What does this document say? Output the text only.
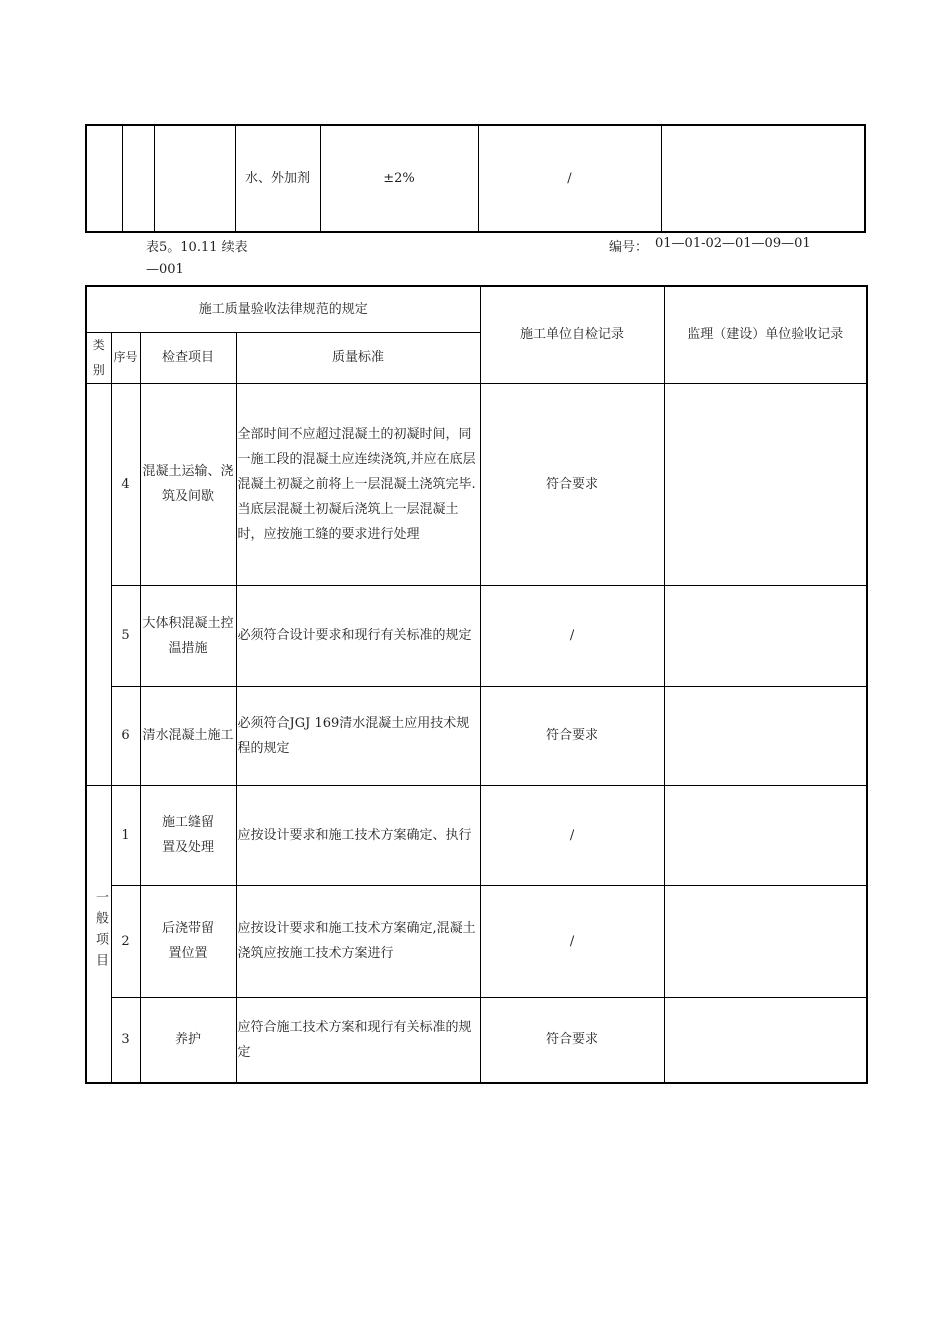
			水、外加剂	±2%	/	
表5。10.11 续表	编号： 01—01-02—01—09—01
—001
施工质量验收法律规范的规定				施工单位自检记录	监理（建设）单位验收记录
类别	序号	检查项目	质量标准		
	4	混凝土运输、浇筑及间歇	全部时间不应超过混凝土的初凝时间，同一施工段的混凝土应连续浇筑,并应在底层混凝土初凝之前将上一层混凝土浇筑完毕.当底层混凝土初凝后浇筑上一层混凝土时，应按施工缝的要求进行处理	符合要求	
	5	大体积混凝土控温措施	必须符合设计要求和现行有关标准的规定	/	
	6	清水混凝土施工	必须符合JGJ 169清水混凝土应用技术规程的规定	符合要求	
一般项目	1	施工缝留置及处理	应按设计要求和施工技术方案确定、执行	/	
	2	后浇带留置位置	应按设计要求和施工技术方案确定,混凝土浇筑应按施工技术方案进行	/	
	3	养护	应符合施工技术方案和现行有关标准的规定	符合要求	
